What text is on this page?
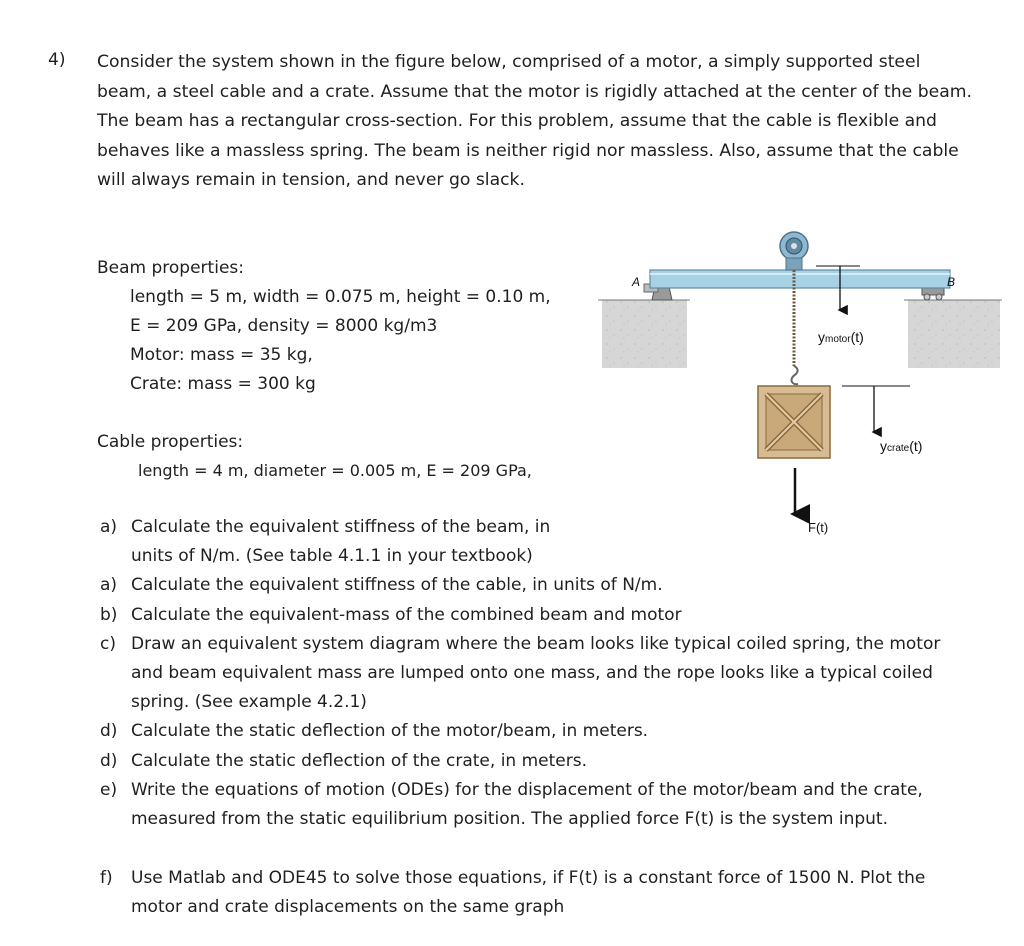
4) Consider the system shown in the figure below, comprised of a motor, a simply supported steel
beam, a steel cable and a crate. Assume that the motor is rigidly attached at the center of the beam.
The beam has a rectangular cross-section. For this problem, assume that the cable is flexible and
behaves like a massless spring. The beam is neither rigid nor massless. Also, assume that the cable
will always remain in tension, and never go slack.
Beam properties:
length = 5 m, width = 0.075 m, height = 0.10 m,
E = 209 GPa, density = 8000 kg/m3
Motor: mass = 35 kg,
Crate: mass = 300 kg
Cable properties:
length = 4 m, diameter = 0.005 m, E = 209 GPa,
A	B
ymotor(t)
ycrate(t)
F(t)
a) Calculate the equivalent stiffness of the beam, in
units of N/m. (See table 4.1.1 in your textbook)
a) Calculate the equivalent stiffness of the cable, in units of N/m.
b) Calculate the equivalent-mass of the combined beam and motor
c) Draw an equivalent system diagram where the beam looks like typical coiled spring, the motor
and beam equivalent mass are lumped onto one mass, and the rope looks like a typical coiled
spring. (See example 4.2.1)
d) Calculate the static deflection of the motor/beam, in meters.
d) Calculate the static deflection of the crate, in meters.
e) Write the equations of motion (ODEs) for the displacement of the motor/beam and the crate,
measured from the static equilibrium position. The applied force F(t) is the system input.
f) Use Matlab and ODE45 to solve those equations, if F(t) is a constant force of 1500 N. Plot the
motor and crate displacements on the same graph
